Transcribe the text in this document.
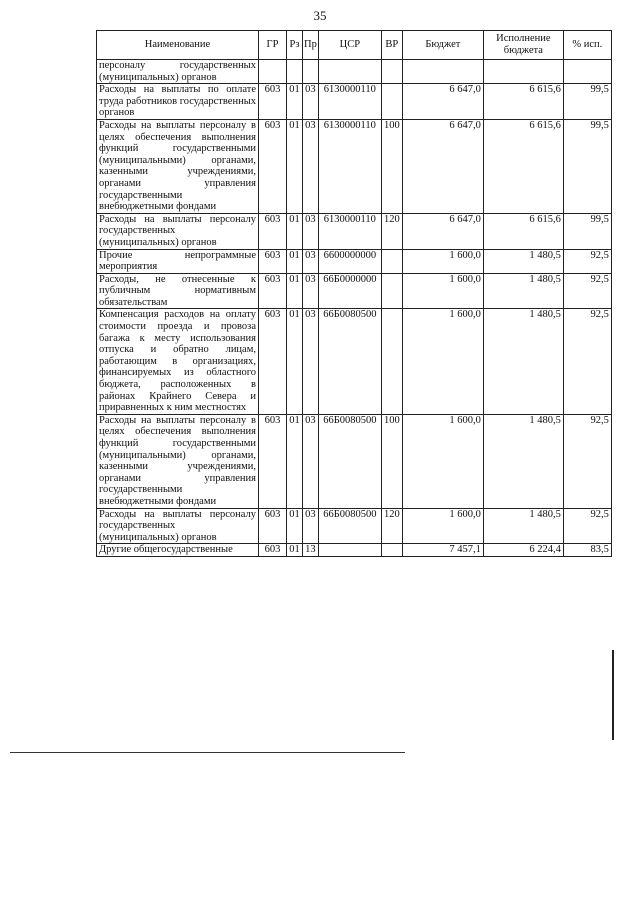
35
Наименование	ГР	Рз	Пр	ЦСР	ВР	Бюджет	Исполнение бюджета	% исп.
персоналу государственных (муниципальных) органов								
Расходы на выплаты по оплате труда работников государственных органов	603	01	03	6130000110		6 647,0	6 615,6	99,5
Расходы на выплаты персоналу в целях обеспечения выполнения функций государственными (муниципальными) органами, казенными учреждениями, органами управления государственными внебюджетными фондами	603	01	03	6130000110	100	6 647,0	6 615,6	99,5
Расходы на выплаты персоналу государственных (муниципальных) органов	603	01	03	6130000110	120	6 647,0	6 615,6	99,5
Прочие непрограммные мероприятия	603	01	03	6600000000		1 600,0	1 480,5	92,5
Расходы, не отнесенные к публичным нормативным обязательствам	603	01	03	66Б0000000		1 600,0	1 480,5	92,5
Компенсация расходов на оплату стоимости проезда и провоза багажа к месту использования отпуска и обратно лицам, работающим в организациях, финансируемых из областного бюджета, расположенных в районах Крайнего Севера и приравненных к ним местностях	603	01	03	66Б0080500		1 600,0	1 480,5	92,5
Расходы на выплаты персоналу в целях обеспечения выполнения функций государственными (муниципальными) органами, казенными учреждениями, органами управления государственными внебюджетными фондами	603	01	03	66Б0080500	100	1 600,0	1 480,5	92,5
Расходы на выплаты персоналу государственных (муниципальных) органов	603	01	03	66Б0080500	120	1 600,0	1 480,5	92,5
Другие общегосударственные	603	01	13			7 457,1	6 224,4	83,5
